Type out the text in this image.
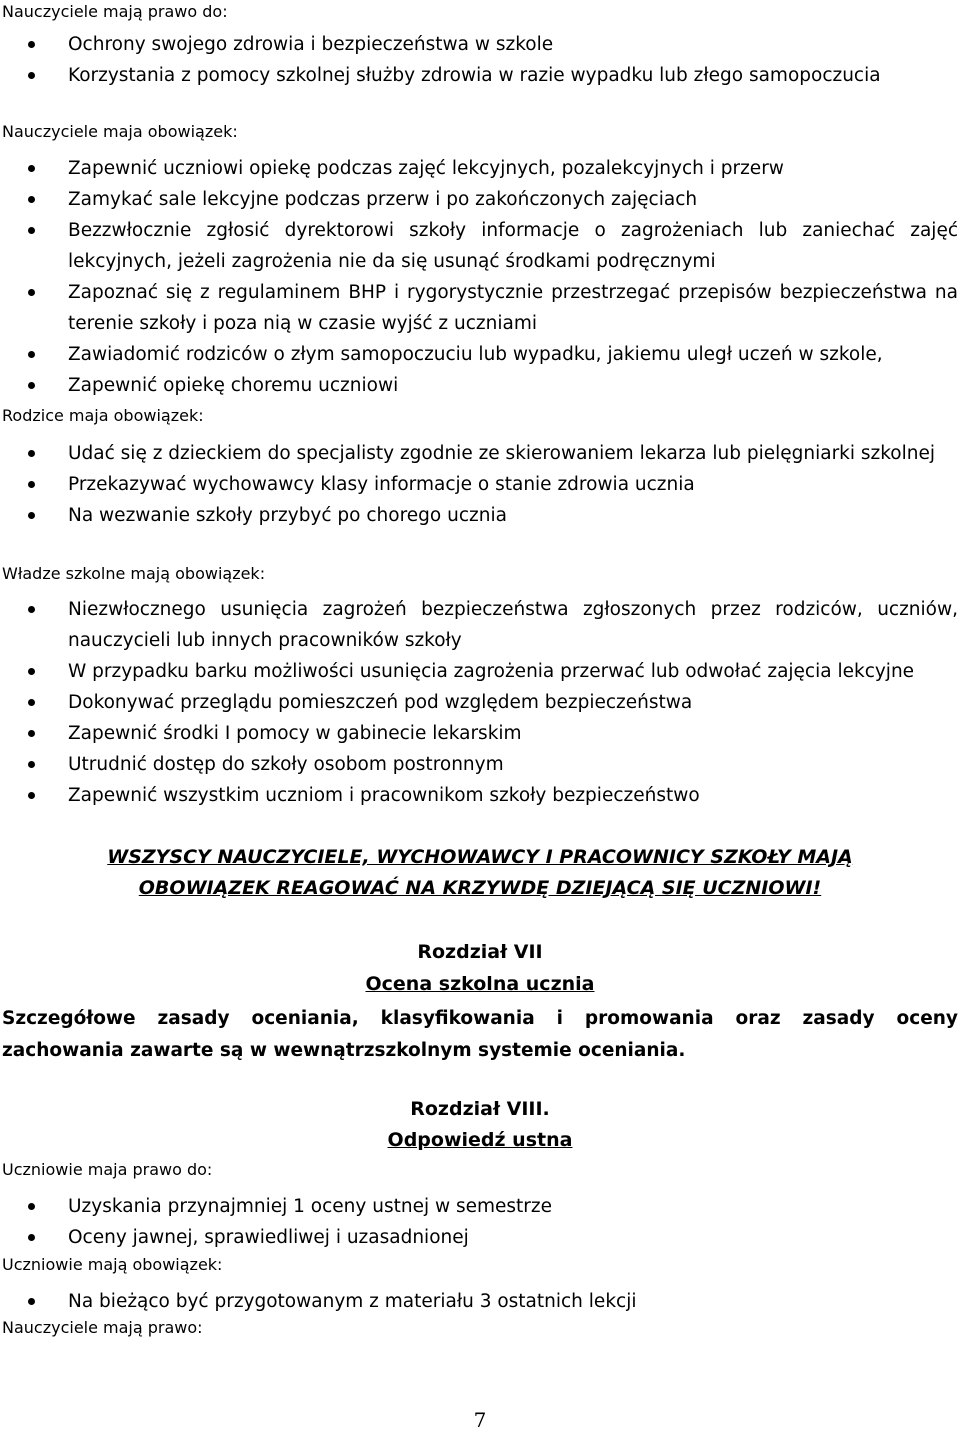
Nauczyciele mają prawo do:
Ochrony swojego zdrowia i bezpieczeństwa w szkole
Korzystania z pomocy szkolnej służby zdrowia w razie wypadku lub złego samopoczucia
Nauczyciele maja obowiązek:
Zapewnić uczniowi opiekę podczas zajęć lekcyjnych, pozalekcyjnych i przerw
Zamykać sale lekcyjne podczas przerw i po zakończonych zajęciach
Bezzwłocznie zgłosić dyrektorowi szkoły informacje o zagrożeniach lub zaniechać zajęć lekcyjnych, jeżeli zagrożenia nie da się usunąć środkami podręcznymi
Zapoznać się z regulaminem BHP i rygorystycznie przestrzegać przepisów bezpieczeństwa na terenie szkoły i poza nią w czasie wyjść z uczniami
Zawiadomić rodziców o złym samopoczuciu lub wypadku, jakiemu uległ uczeń w szkole,
Zapewnić opiekę choremu uczniowi
Rodzice maja obowiązek:
Udać się z dzieckiem do specjalisty zgodnie ze skierowaniem lekarza lub pielęgniarki szkolnej
Przekazywać wychowawcy klasy informacje o stanie zdrowia ucznia
Na wezwanie szkoły przybyć po chorego ucznia
Władze szkolne mają obowiązek:
Niezwłocznego usunięcia zagrożeń bezpieczeństwa zgłoszonych przez rodziców, uczniów, nauczycieli lub innych pracowników szkoły
W przypadku barku możliwości usunięcia zagrożenia przerwać lub odwołać zajęcia lekcyjne
Dokonywać przeglądu pomieszczeń pod względem bezpieczeństwa
Zapewnić środki I pomocy w gabinecie lekarskim
Utrudnić dostęp do szkoły osobom postronnym
Zapewnić wszystkim uczniom i pracownikom szkoły bezpieczeństwo
WSZYSCY NAUCZYCIELE, WYCHOWAWCY I PRACOWNICY SZKOŁY MAJĄ
OBOWIĄZEK REAGOWAĆ NA KRZYWDĘ DZIEJĄCĄ SIĘ UCZNIOWI!
Rozdział VII
Ocena szkolna ucznia
Szczegółowe zasady oceniania, klasyfikowania i promowania oraz zasady oceny zachowania zawarte są w wewnątrzszkolnym systemie oceniania.
Rozdział VIII.
Odpowiedź ustna
Uczniowie maja prawo do:
Uzyskania przynajmniej 1 oceny ustnej w semestrze
Oceny jawnej, sprawiedliwej i uzasadnionej
Uczniowie mają obowiązek:
Na bieżąco być przygotowanym z materiału 3 ostatnich lekcji
Nauczyciele mają prawo:
7
